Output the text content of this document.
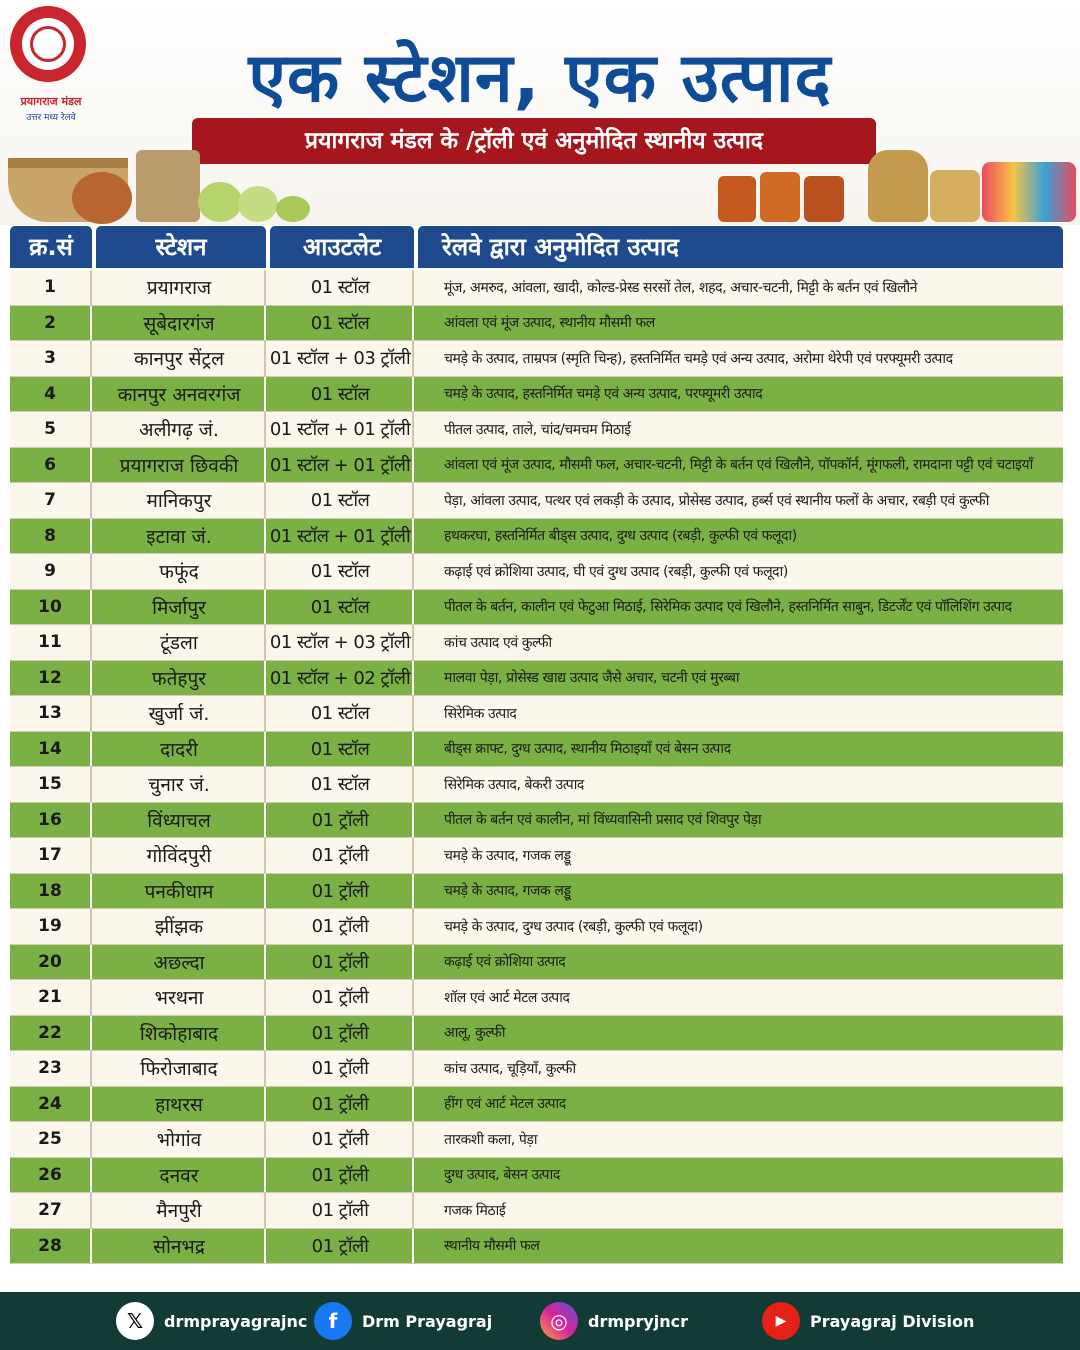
प्रयागराज मंडल
उत्तर मध्य रेलवे	एक स्टेशन, एक उत्पाद
प्रयागराज मंडल के /ट्रॉली एवं अनुमोदित स्थानीय उत्पाद
क्र.सं	स्टेशन	आउटलेट	रेलवे द्वारा अनुमोदित उत्पाद
1	प्रयागराज	01 स्टॉल	मूंज, अमरुद, आंवला, खादी, कोल्ड-प्रेस्ड सरसों तेल, शहद, अचार-चटनी, मिट्टी के बर्तन एवं खिलौने
2	सूबेदारगंज	01 स्टॉल	आंवला एवं मूंज उत्पाद, स्थानीय मौसमी फल
3	कानपुर सेंट्रल	01 स्टॉल + 03 ट्रॉली	चमड़े के उत्पाद, ताम्रपत्र (स्मृति चिन्ह), हस्तनिर्मित चमड़े एवं अन्य उत्पाद, अरोमा थेरेपी एवं परफ्यूमरी उत्पाद
4	कानपुर अनवरगंज	01 स्टॉल	चमड़े के उत्पाद, हस्तनिर्मित चमड़े एवं अन्य उत्पाद, परफ्यूमरी उत्पाद
5	अलीगढ़ जं.	01 स्टॉल + 01 ट्रॉली	पीतल उत्पाद, ताले, चांद/चमचम मिठाई
6	प्रयागराज छिवकी	01 स्टॉल + 01 ट्रॉली	आंवला एवं मूंज उत्पाद, मौसमी फल, अचार-चटनी, मिट्टी के बर्तन एवं खिलौने, पॉपकॉर्न, मूंगफली, रामदाना पट्टी एवं चटाइयाँ
7	मानिकपुर	01 स्टॉल	पेड़ा, आंवला उत्पाद, पत्थर एवं लकड़ी के उत्पाद, प्रोसेस्ड उत्पाद, हर्ब्स एवं स्थानीय फलों के अचार, रबड़ी एवं कुल्फी
8	इटावा जं.	01 स्टॉल + 01 ट्रॉली	हथकरघा, हस्तनिर्मित बीड्स उत्पाद, दुग्ध उत्पाद (रबड़ी, कुल्फी एवं फलूदा)
9	फफूंद	01 स्टॉल	कढ़ाई एवं क्रोशिया उत्पाद, घी एवं दुग्ध उत्पाद (रबड़ी, कुल्फी एवं फलूदा)
10	मिर्जापुर	01 स्टॉल	पीतल के बर्तन, कालीन एवं फेटुआ मिठाई, सिरेमिक उत्पाद एवं खिलौने, हस्तनिर्मित साबुन, डिटर्जेंट एवं पॉलिशिंग उत्पाद
11	टूंडला	01 स्टॉल + 03 ट्रॉली	कांच उत्पाद एवं कुल्फी
12	फतेहपुर	01 स्टॉल + 02 ट्रॉली	मालवा पेड़ा, प्रोसेस्ड खाद्य उत्पाद जैसे अचार, चटनी एवं मुरब्बा
13	खुर्जा जं.	01 स्टॉल	सिरेमिक उत्पाद
14	दादरी	01 स्टॉल	बीड्स क्राफ्ट, दुग्ध उत्पाद, स्थानीय मिठाइयाँ एवं बेसन उत्पाद
15	चुनार जं.	01 स्टॉल	सिरेमिक उत्पाद, बेकरी उत्पाद
16	विंध्याचल	01 ट्रॉली	पीतल के बर्तन एवं कालीन, मां विंध्यवासिनी प्रसाद एवं शिवपुर पेड़ा
17	गोविंदपुरी	01 ट्रॉली	चमड़े के उत्पाद, गजक लड्डू
18	पनकीधाम	01 ट्रॉली	चमड़े के उत्पाद, गजक लड्डू
19	झींझक	01 ट्रॉली	चमड़े के उत्पाद, दुग्ध उत्पाद (रबड़ी, कुल्फी एवं फलूदा)
20	अछल्दा	01 ट्रॉली	कढ़ाई एवं क्रोशिया उत्पाद
21	भरथना	01 ट्रॉली	शॉल एवं आर्ट मेटल उत्पाद
22	शिकोहाबाद	01 ट्रॉली	आलू, कुल्फी
23	फिरोजाबाद	01 ट्रॉली	कांच उत्पाद, चूड़ियाँ, कुल्फी
24	हाथरस	01 ट्रॉली	हींग एवं आर्ट मेटल उत्पाद
25	भोगांव	01 ट्रॉली	तारकशी कला, पेड़ा
26	दनवर	01 ट्रॉली	दुग्ध उत्पाद, बेसन उत्पाद
27	मैनपुरी	01 ट्रॉली	गजक मिठाई
28	सोनभद्र	01 ट्रॉली	स्थानीय मौसमी फल
𝕏	drmprayagrajnc	f	Drm Prayagraj	◎	drmpryjncr	▶	Prayagraj Division
